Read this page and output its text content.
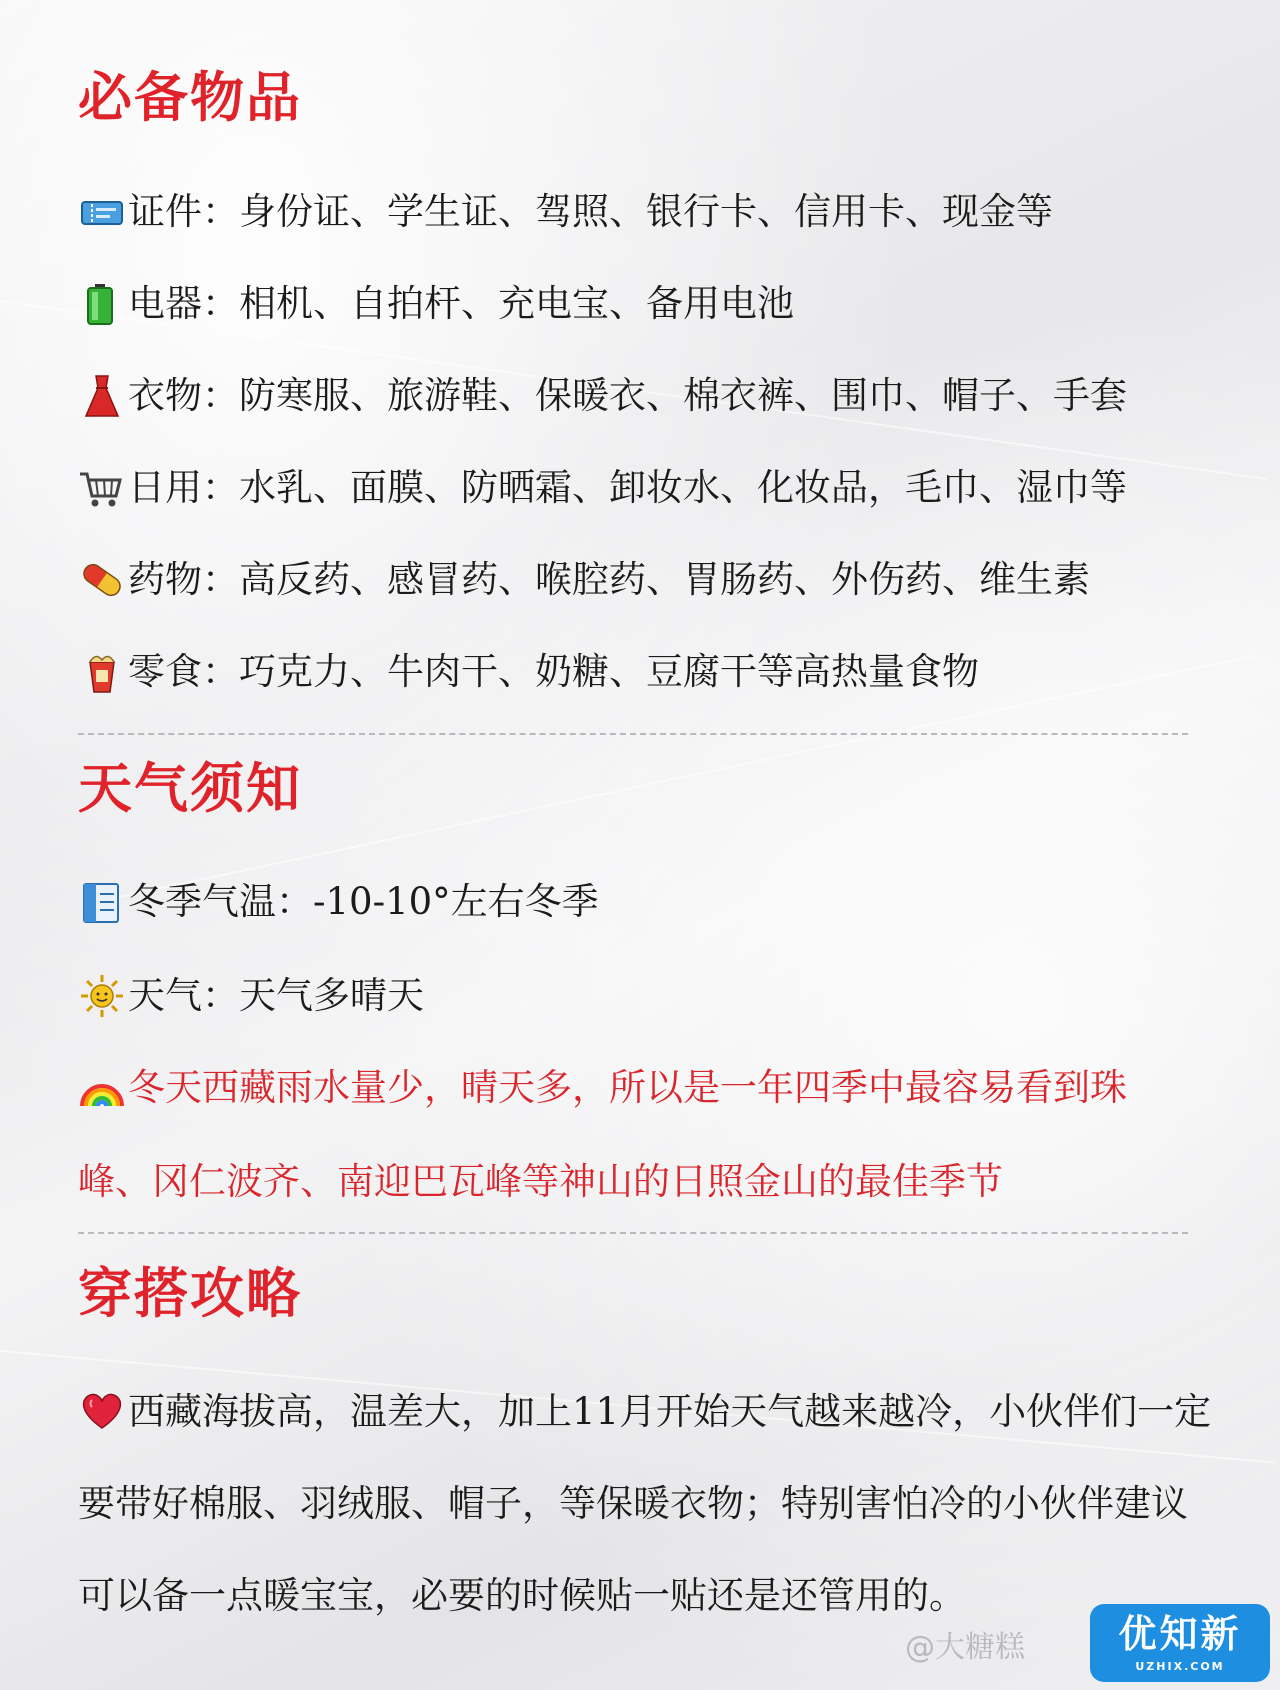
必备物品
证件：身份证、学生证、驾照、银行卡、信用卡、现金等
电器：相机、自拍杆、充电宝、备用电池
衣物：防寒服、旅游鞋、保暖衣、棉衣裤、围巾、帽子、手套
日用：水乳、面膜、防晒霜、卸妆水、化妆品，毛巾、湿巾等
药物：高反药、感冒药、喉腔药、胃肠药、外伤药、维生素
零食：巧克力、牛肉干、奶糖、豆腐干等高热量食物
天气须知
冬季气温：-10-10°左右冬季
天气：天气多晴天
冬天西藏雨水量少，晴天多，所以是一年四季中最容易看到珠
峰、冈仁波齐、南迎巴瓦峰等神山的日照金山的最佳季节
穿搭攻略

西藏海拔高，温差大，加上11月开始天气越来越冷，小伙伴们一定要带好棉服、羽绒服、帽子，等保暖衣物；特别害怕冷的小伙伴建议可以备一点暖宝宝，必要的时候贴一贴还是还管用的。

@大糖糕	优知新
UZHIX.COM
